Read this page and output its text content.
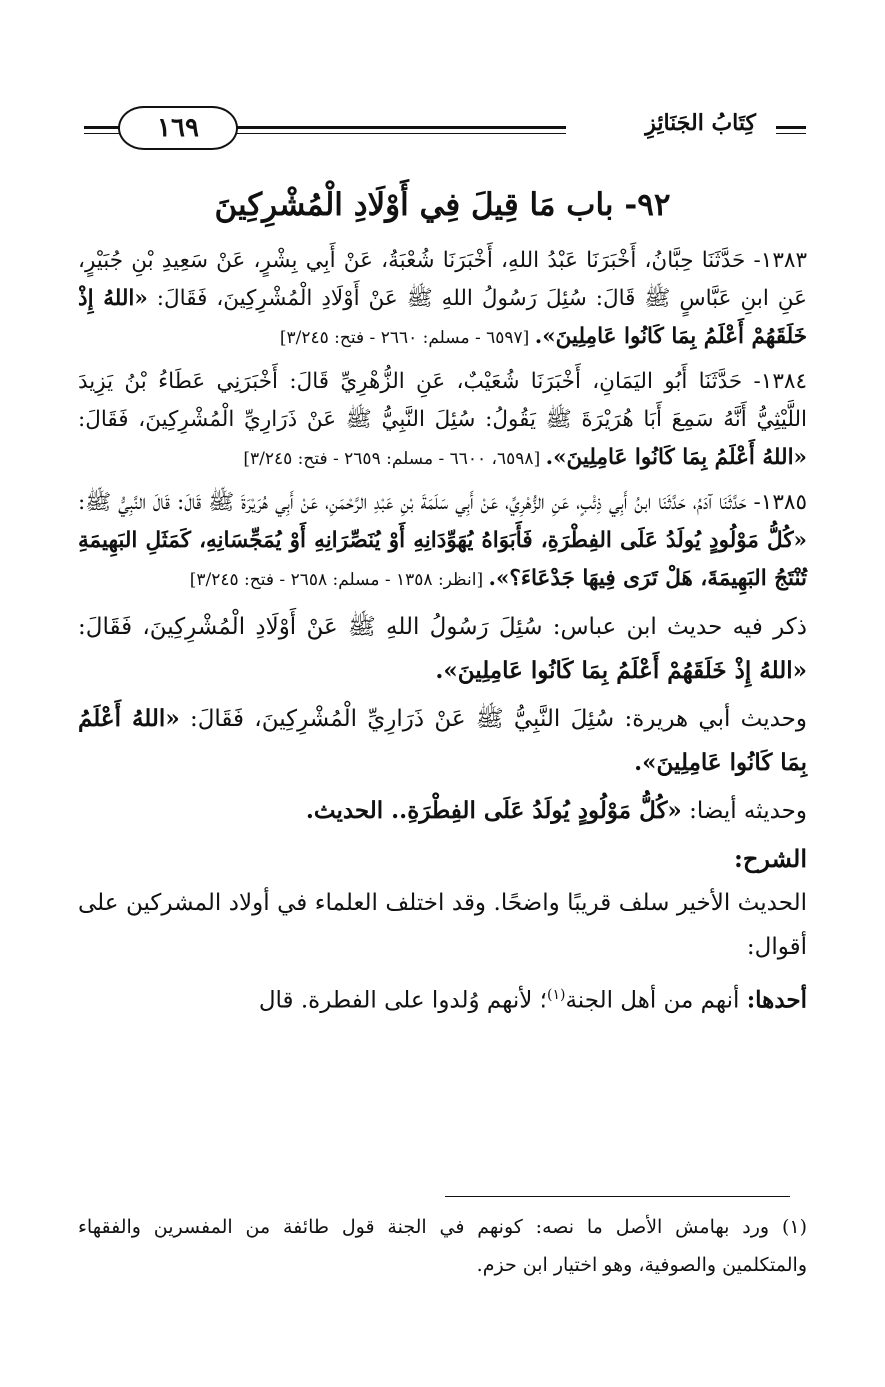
كِتَابُ الجَنَائِزِ
١٦٩
٩٢- باب مَا قِيلَ فِي أَوْلَادِ الْمُشْرِكِينَ

١٣٨٣- حَدَّثَنَا حِبَّانُ، أَخْبَرَنَا عَبْدُ اللهِ، أَخْبَرَنَا شُعْبَةُ، عَنْ أَبِي بِشْرٍ، عَنْ سَعِيدِ بْنِ جُبَيْرٍ، عَنِ ابنِ عَبَّاسٍ ﷺ قَالَ: سُئِلَ رَسُولُ اللهِ ﷺ عَنْ أَوْلَادِ الْمُشْرِكِينَ، فَقَالَ: «اللهُ إِذْ خَلَقَهُمْ أَعْلَمُ بِمَا كَانُوا عَامِلِينَ». [٦٥٩٧ - مسلم: ٢٦٦٠ - فتح: ٣/٢٤٥]

١٣٨٤- حَدَّثَنَا أَبُو اليَمَانِ، أَخْبَرَنَا شُعَيْبٌ، عَنِ الزُّهْرِيِّ قَالَ: أَخْبَرَنِي عَطَاءُ بْنُ يَزِيدَ اللَّيْثِيُّ أَنَّهُ سَمِعَ أَبَا هُرَيْرَةَ ﷺ يَقُولُ: سُئِلَ النَّبِيُّ ﷺ عَنْ ذَرَارِيِّ الْمُشْرِكِينَ، فَقَالَ: «اللهُ أَعْلَمُ بِمَا كَانُوا عَامِلِينَ». [٦٥٩٨، ٦٦٠٠ - مسلم: ٢٦٥٩ - فتح: ٣/٢٤٥]

١٣٨٥- حَدَّثَنَا آدَمُ، حَدَّثَنَا ابنُ أَبِي ذِئْبٍ، عَنِ الزُّهْرِيِّ، عَنْ أَبِي سَلَمَةَ بْنِ عَبْدِ الرَّحْمَنِ، عَنْ أَبِي هُرَيْرَةَ ﷺ قَالَ: قَالَ النَّبِيُّ ﷺ: «كُلُّ مَوْلُودٍ يُولَدُ عَلَى الفِطْرَةِ، فَأَبَوَاهُ يُهَوِّدَانِهِ أَوْ يُنَصِّرَانِهِ أَوْ يُمَجِّسَانِهِ، كَمَثَلِ البَهِيمَةِ تُنْتَجُ البَهِيمَةَ، هَلْ تَرَى فِيهَا جَدْعَاءَ؟». [انظر: ١٣٥٨ - مسلم: ٢٦٥٨ - فتح: ٣/٢٤٥]

ذكر فيه حديث ابن عباس: سُئِلَ رَسُولُ اللهِ ﷺ عَنْ أَوْلَادِ الْمُشْرِكِينَ، فَقَالَ: «اللهُ إِذْ خَلَقَهُمْ أَعْلَمُ بِمَا كَانُوا عَامِلِينَ».

وحديث أبي هريرة: سُئِلَ النَّبِيُّ ﷺ عَنْ ذَرَارِيِّ الْمُشْرِكِينَ، فَقَالَ: «اللهُ أَعْلَمُ بِمَا كَانُوا عَامِلِينَ».

وحديثه أيضا: «كُلُّ مَوْلُودٍ يُولَدُ عَلَى الفِطْرَةِ.. الحديث.

الشرح:

الحديث الأخير سلف قريبًا واضحًا. وقد اختلف العلماء في أولاد المشركين على أقوال:

أحدها: أنهم من أهل الجنة$^{(١)}$؛ لأنهم وُلدوا على الفطرة. قال

(١) ورد بهامش الأصل ما نصه: كونهم في الجنة قول طائفة من المفسرين والفقهاء والمتكلمين والصوفية، وهو اختيار ابن حزم.
